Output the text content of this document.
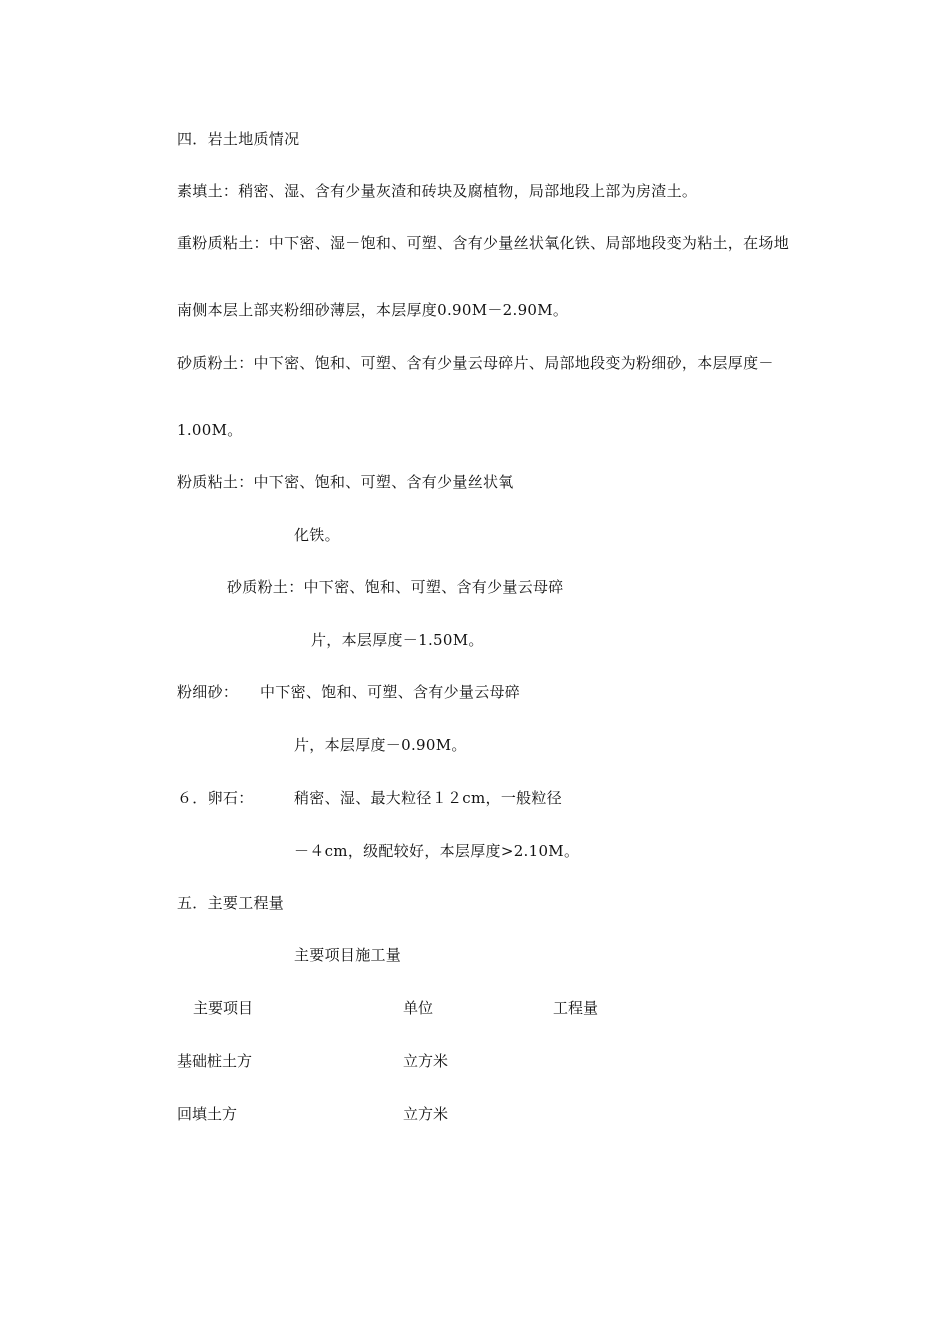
四．岩土地质情况
素填土：稍密、湿、含有少量灰渣和砖块及腐植物，局部地段上部为房渣土。
重粉质粘土：中下密、湿－饱和、可塑、含有少量丝状氧化铁、局部地段变为粘土，在场地
南侧本层上部夹粉细砂薄层，本层厚度0.90M－2.90M。
砂质粉土：中下密、饱和、可塑、含有少量云母碎片、局部地段变为粉细砂，本层厚度－
1.00M。
粉质粘土：中下密、饱和、可塑、含有少量丝状氧
化铁。
砂质粉土：中下密、饱和、可塑、含有少量云母碎
片，本层厚度－1.50M。
粉细砂： 中下密、饱和、可塑、含有少量云母碎
片，本层厚度－0.90M。
６．卵石：	稍密、湿、最大粒径１２cm，一般粒径
－４cm，级配较好，本层厚度>2.10M。
五．主要工程量
主要项目施工量
主要项目	单位	工程量
基础桩土方	立方米
回填土方	立方米
